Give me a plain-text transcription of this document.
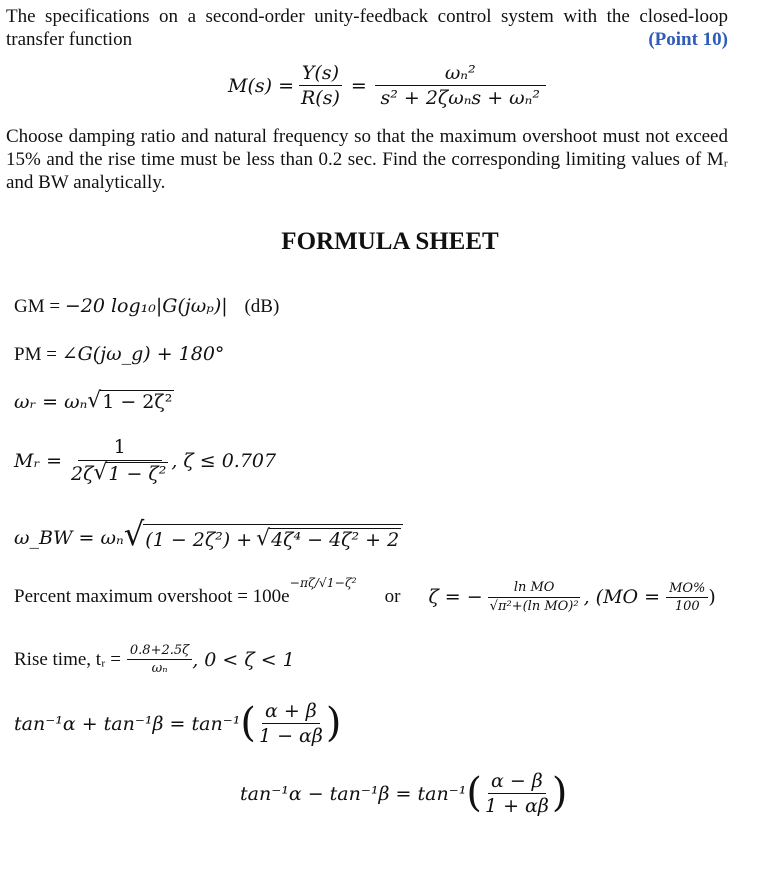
The specifications on a second-order unity-feedback control system with the closed-loop
transfer function	(Point 10)
$M(s) = \frac{Y(s)}{R(s)} = \frac{\text{ωₙ²}}{\text{s² + 2ζωₙs + ωₙ²}}$
Choose damping ratio and natural frequency so that the maximum overshoot must not exceed 15% and the rise time must be less than 0.2 sec. Find the corresponding limiting values of Mᵣ and BW analytically.
FORMULA SHEET
GM = −20 log₁₀|G(jωₚ)| (dB)
PM = ∠G(jω_g) + 180°
ωᵣ = ωₙ √ 1 − 2ζ²
Mᵣ = $\frac{1}{\text{2ζ √ 1 − ζ²}}$ , ζ ≤ 0.707
ω_BW = ωₙ √ (1 − 2ζ²) + √ 4ζ⁴ − 4ζ² + 2
Percent maximum overshoot = 100e
$^{-\pi\zeta/√1-\zeta^2}$
or ζ = − $\frac{\text{ln MO}}{\text{√π²+(ln MO)²}}$ , ($MO = \frac{MO\%}{100}$ )
Rise time, tᵣ = $\frac{0.8+2.5\zeta}{\text{ωₙ}}$ , 0 < ζ < 1
tan⁻¹α + tan⁻¹β = tan⁻¹ ( $\frac{\alpha + \beta}{1 - \alpha\beta}$ )
tan⁻¹α − tan⁻¹β = tan⁻¹ ( $\frac{\alpha - \beta}{1 + \alpha\beta}$ )
